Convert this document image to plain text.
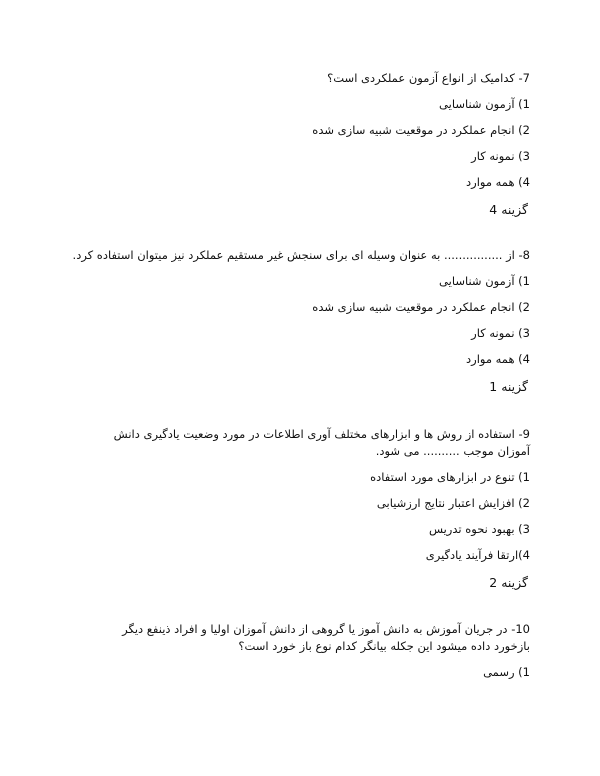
7- کدامیک از انواع آزمون عملکردی است؟

1) آزمون شناسایی

2) انجام عملکرد در موقعیت شبیه سازی شده

3) نمونه کار

4) همه موارد

گزینه 4

8- از ................ به عنوان وسیله ای برای سنجش غیر مستقیم عملکرد نیز میتوان استفاده کرد.

1) آزمون شناسایی

2) انجام عملکرد در موقعیت شبیه سازی شده

3) نمونه کار

4) همه موارد

گزینه 1

9- استفاده از روش ها و ابزارهای مختلف آوری اطلاعات در مورد وضعیت یادگیری دانش آموزان موجب .......... می شود.

1) تنوع در ابزارهای مورد استفاده

2) افزایش اعتبار نتایج ارزشیابی

3) بهبود نحوه تدریس

4)ارتقا فرآیند یادگیری

گزینه 2

10- در جریان آموزش به دانش آموز یا گروهی از دانش آموزان اولیا و افراد ذینفع دیگر بازخورد داده میشود این جکله بیانگر کدام نوع باز خورد است؟

1) رسمی
